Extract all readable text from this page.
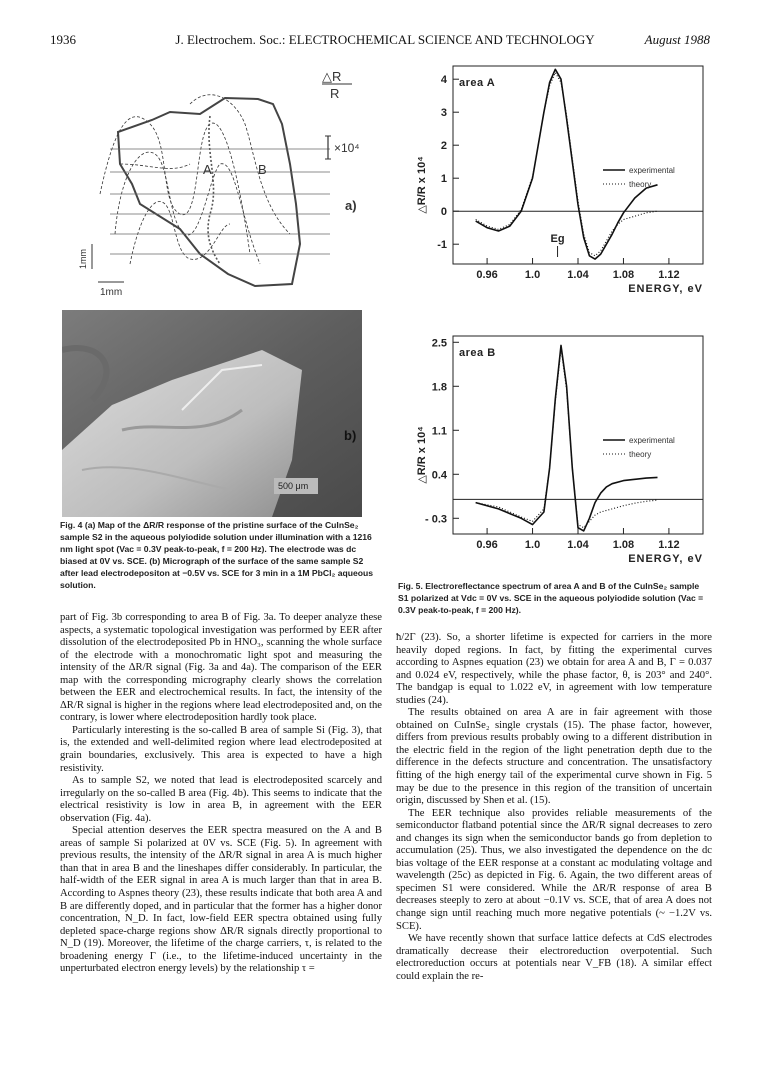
1936	J. Electrochem. Soc.: ELECTROCHEMICAL SCIENCE AND TECHNOLOGY	August 1988
△R
R
×10⁴
A	B
a)
1mm
1mm
500 μm
b)
Fig. 4 (a) Map of the ΔR/R response of the pristine surface of the CuInSe₂ sample S2 in the aqueous polyiodide solution under illumination with a 1216 nm light spot (Vac = 0.3V peak-to-peak, f = 200 Hz). The electrode was dc biased at 0V vs. SCE. (b) Micrograph of the surface of the same sample S2 after lead electrodepositon at −0.5V vs. SCE for 3 min in a 1M PbCl₂ aqueous solution.
-1
0
1
2
3
4
0.96 1.0 1.04 1.08 1.12
ENERGY, eV
△R/R x 10⁴
area A
experimental
theory
Eg
- 0.3
0.4
1.1
1.8
2.5
0.96 1.0 1.04 1.08 1.12
ENERGY, eV
△R/R x 10⁴
area B
experimental
theory
Fig. 5. Electroreflectance spectrum of area A and B of the CuInSe₂ sample S1 polarized at Vdc = 0V vs. SCE in the aqueous polyiodide solution (Vac = 0.3V peak-to-peak, f = 200 Hz).

part of Fig. 3b corresponding to area B of Fig. 3a. To deeper analyze these aspects, a systematic topological investigation was performed by EER after dissolution of the electrodeposited Pb in HNO₃, scanning the whole surface of the electrode with a monochromatic light spot and measuring the intensity of the ΔR/R signal (Fig. 3a and 4a). The comparison of the EER map with the corresponding micrography clearly shows the correlation between the EER and electrochemical results. In fact, the intensity of the ΔR/R signal is higher in the regions where lead electrodeposited and, on the contrary, is lower where electrodeposition hardly took place.

Particularly interesting is the so-called B area of sample Si (Fig. 3), that is, the extended and well-delimited region where lead electrodeposited at grain boundaries, exclusively. This area is expected to have a high resistivity.

As to sample S2, we noted that lead is electrodeposited scarcely and irregularly on the so-called B area (Fig. 4b). This seems to indicate that the electrical resistivity is low in area B, in agreement with the EER observation (Fig. 4a).

Special attention deserves the EER spectra measured on the A and B areas of sample Si polarized at 0V vs. SCE (Fig. 5). In agreement with previous results, the intensity of the ΔR/R signal in area A is much higher than that in area B and the lineshapes differ considerably. In particular, the half-width of the EER signal in area A is much larger than that in area B. According to Aspnes theory (23), these results indicate that both area A and B are differently doped, and in particular that the former has a higher donor concentration, N_D. In fact, low-field EER spectra obtained using fully depleted space-charge regions show ΔR/R signals directly proportional to N_D (19). Moreover, the lifetime of the charge carriers, τ, is related to the broadening energy Γ (i.e., to the lifetime-induced uncertainty in the unperturbated electron energy levels) by the relationship τ =

ħ/2Γ (23). So, a shorter lifetime is expected for carriers in the more heavily doped regions. In fact, by fitting the experimental curves according to Aspnes equation (23) we obtain for area A and B, Γ = 0.037 and 0.024 eV, respectively, while the phase factor, θ, is 203° and 240°. The bandgap is equal to 1.022 eV, in agreement with low temperature studies (24).

The results obtained on area A are in fair agreement with those obtained on CuInSe₂ single crystals (15). The phase factor, however, differs from previous results probably owing to a different distribution in the electric field in the region of the light penetration depth due to the difference in the defects structure and concentration. The unsatisfactory fitting of the high energy tail of the experimental curve shown in Fig. 5 may be due to the presence in this region of the transition of uncertain origin, discussed by Shen et al. (15).

The EER technique also provides reliable measurements of the semiconductor flatband potential since the ΔR/R signal decreases to zero and changes its sign when the semiconductor bands go from depletion to accumulation (25). Thus, we also investigated the dependence on the dc bias voltage of the EER response at a constant ac modulating voltage and wavelength (25c) as depicted in Fig. 6. Again, the two different areas of specimen S1 were considered. While the ΔR/R response of area B decreases steeply to zero at about −0.1V vs. SCE, that of area A does not change sign until reaching much more negative potentials (~ −1.2V vs. SCE).

We have recently shown that surface lattice defects at CdS electrodes dramatically decrease their electroreduction overpotential. Such electroreduction occurs at potentials near V_FB (18). A similar effect could explain the re-
